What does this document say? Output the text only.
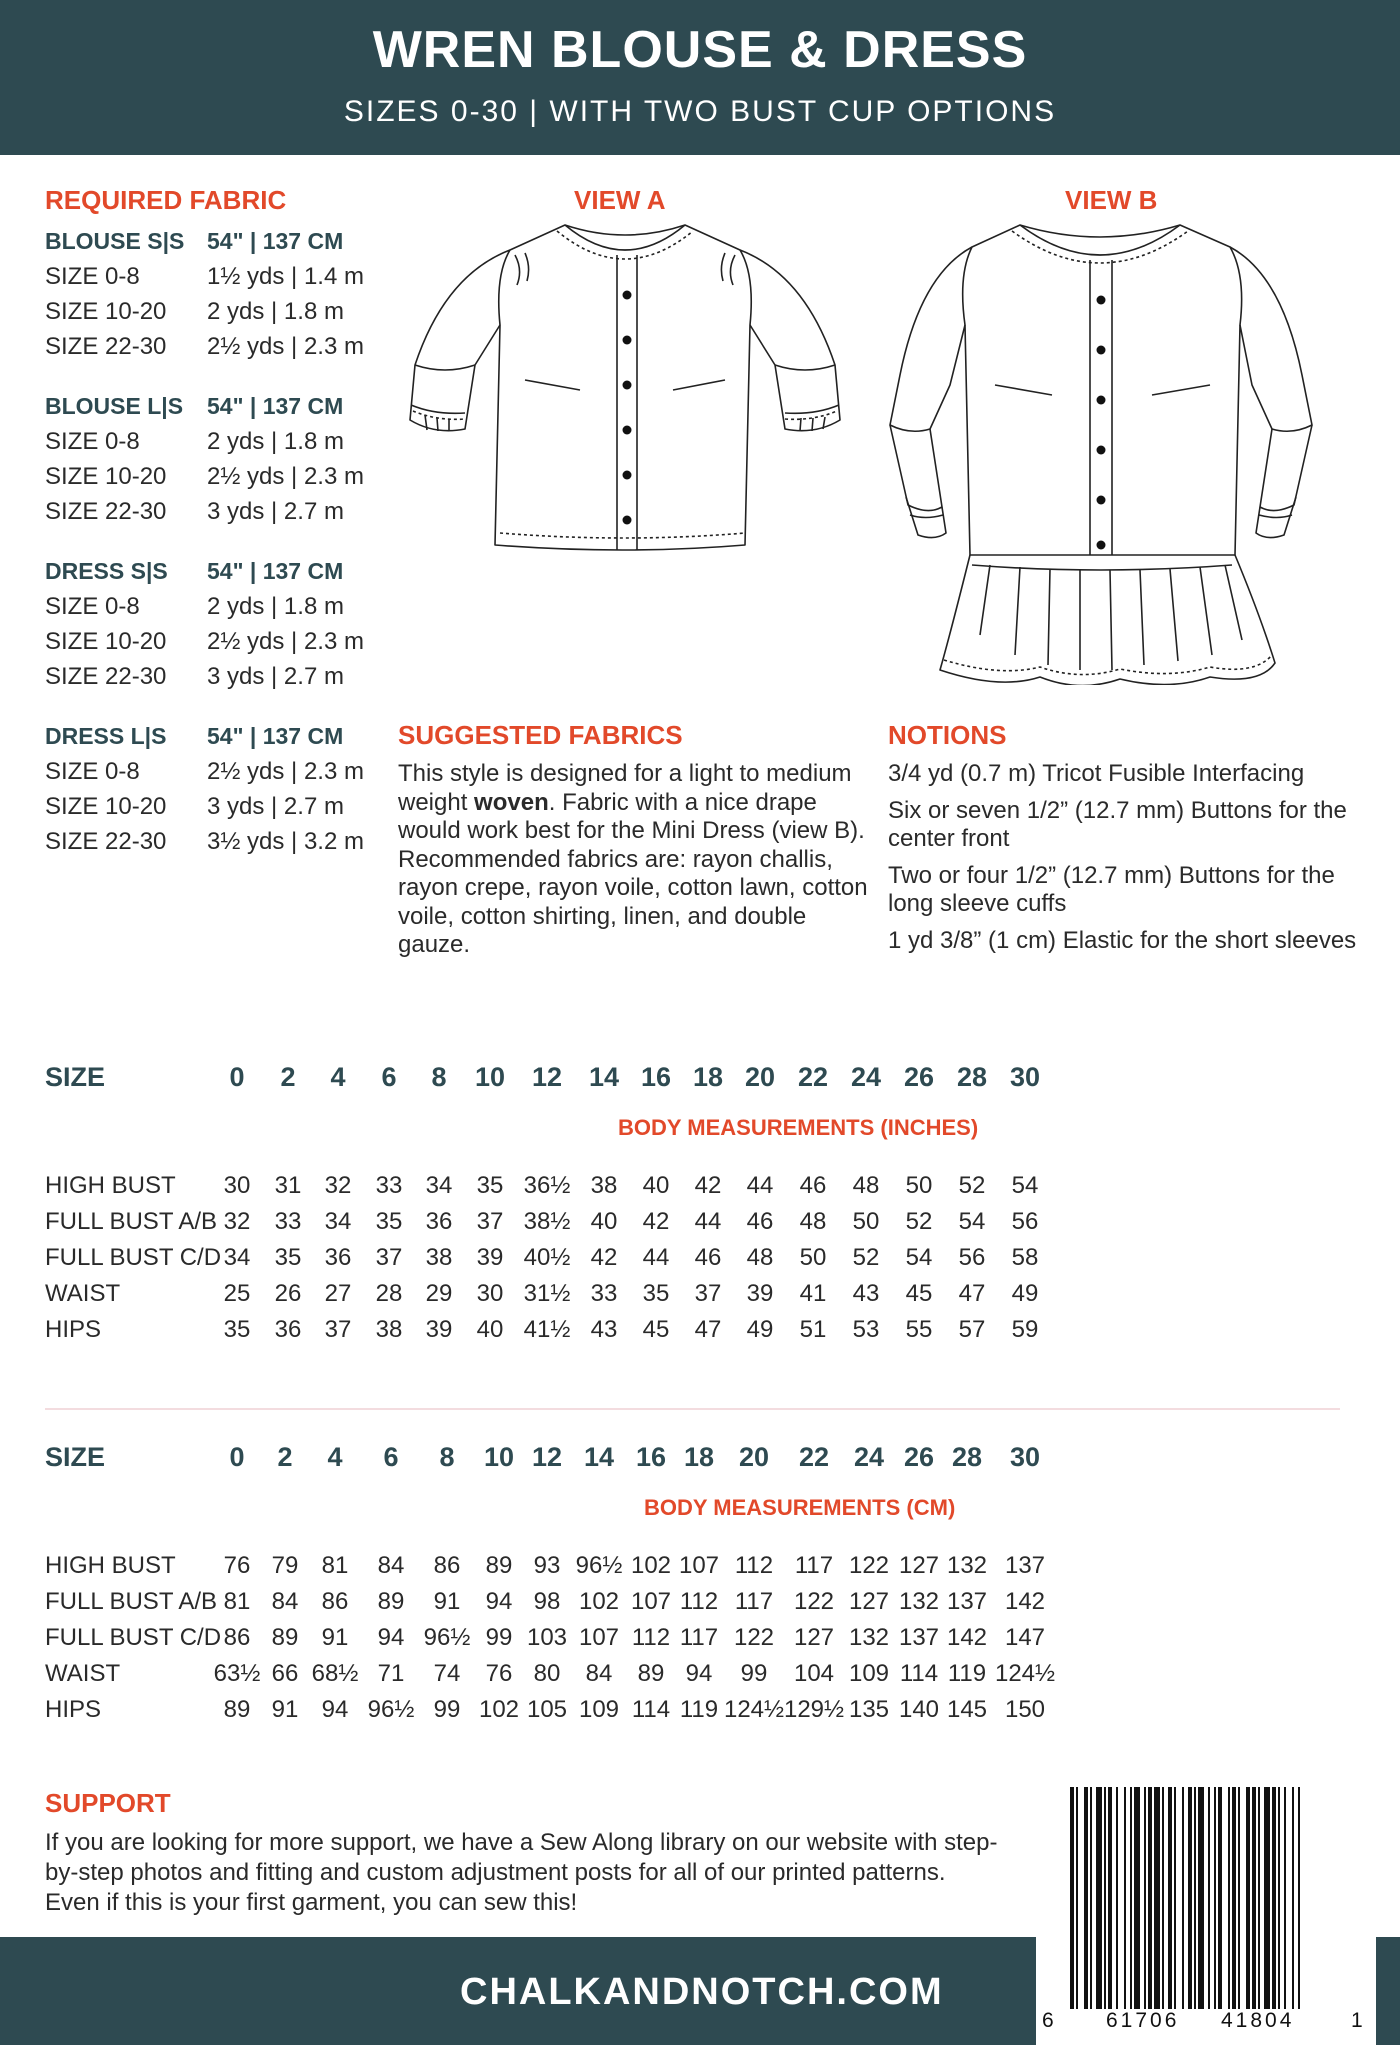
WREN BLOUSE & DRESS
SIZES 0-30 | WITH TWO BUST CUP OPTIONS
REQUIRED FABRIC
BLOUSE S|S 54" | 137 CM
SIZE 0-8	1½ yds | 1.4 m
SIZE 10-20 2 yds | 1.8 m
SIZE 22-30 2½ yds | 2.3 m
BLOUSE L|S 54" | 137 CM
SIZE 0-8	2 yds | 1.8 m
SIZE 10-20 2½ yds | 2.3 m
SIZE 22-30 3 yds | 2.7 m
DRESS S|S 54" | 137 CM
SIZE 0-8	2 yds | 1.8 m
SIZE 10-20 2½ yds | 2.3 m
SIZE 22-30 3 yds | 2.7 m
DRESS L|S 54" | 137 CM
SIZE 0-8	2½ yds | 2.3 m
SIZE 10-20 3 yds | 2.7 m
SIZE 22-30 3½ yds | 3.2 m
VIEW A	VIEW B
SUGGESTED FABRICS
This style is designed for a light to medium weight woven. Fabric with a nice drape would work best for the Mini Dress (view B). Recommended fabrics are: rayon challis, rayon crepe, rayon voile, cotton lawn, cotton voile, cotton shirting, linen, and double gauze.
NOTIONS
3/4 yd (0.7 m) Tricot Fusible Interfacing
Six or seven 1/2” (12.7 mm) Buttons for the center front
Two or four 1/2” (12.7 mm) Buttons for the long sleeve cuffs
1 yd 3/8” (1 cm) Elastic for the short sleeves
SIZE	0	2	4	6	8	10 12 14 16 18 20 22 24 26 28 30
BODY MEASUREMENTS (INCHES)
HIGH BUST	30	31 32	33 34	35 36½ 38	40	42	44	46	48	50	52	54
FULL BUST A/B 32	33 34	35 36	37 38½ 40	42	44	46	48	50	52	54	56
FULL BUST C/D 34	35 36	37 38	39 40½ 42	44	46	48	50	52	54	56	58
WAIST	25	26 27	28 29	30 31½ 33	35	37	39	41	43	45	47	49
HIPS	35	36 37	38 39	40 41½ 43	45	47	49	51	53	55	57	59
SIZE	0	2	4	6	8	10 12 14 16 18 20	22 24 26 28	30
BODY MEASUREMENTS (CM)
HIGH BUST	76 79 81	84	86	89 93 96½ 102 107 112 117 122 127 132 137
FULL BUST A/B 81 84 86	89	91	94 98 102 107 112 117 122 127 132 137 142
FULL BUST C/D 86 89 91	94 96½ 99 103 107 112 117 122 127 132 137 142 147
WAIST	63½ 66 68½ 71	74	76 80	84	89 94	99	104 109 114 119 124½
HIPS	89 91 94 96½ 99 102 105 109 114 119 124½ 129½ 135 140 145 150
SUPPORT
If you are looking for more support, we have a Sew Along library on our website with step-by-step photos and fitting and custom adjustment posts for all of our printed patterns. Even if this is your first garment, you can sew this!
CHALKANDNOTCH.COM
6 61706 41804	1
